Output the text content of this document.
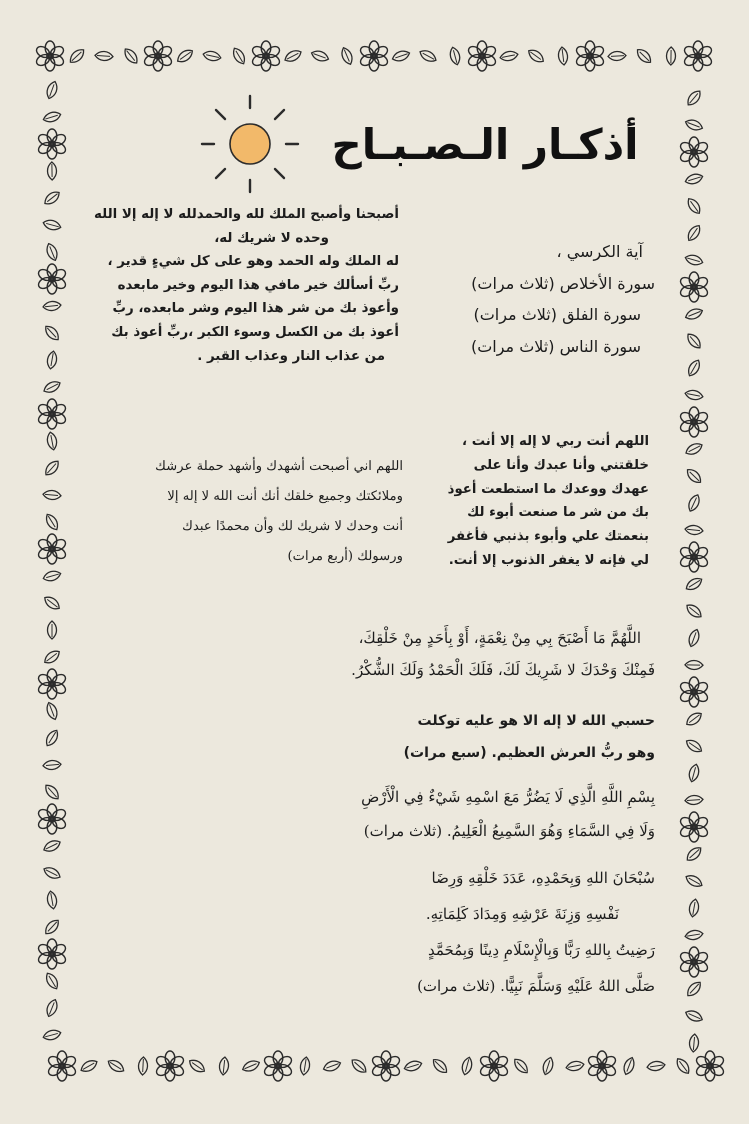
أذكـار الـصـبـاح
أصبحنا وأصبح الملك لله والحمدلله لا إله إلا الله
وحده لا شريك له،
له الملك وله الحمد وهو على كل شيءٍ قدير ،
ربِّ أسألك خير مافي هذا اليوم وخير مابعده
وأعوذ بك من شر هذا اليوم وشر مابعده، ربِّ
أعوذ بك من الكسل وسوء الكبر ،ربِّ أعوذ بك
من عذاب النار وعذاب القبر .
آية الكرسي ،
سورة الأخلاص (ثلاث مرات)
سورة الفلق (ثلاث مرات)
سورة الناس (ثلاث مرات)
اللهم اني أصبحت أشهدك وأشهد حملة عرشك
وملائكتك وجميع خلقك أنك أنت الله لا إله إلا
أنت وحدك لا شريك لك وأن محمدًا عبدك
ورسولك (أربع مرات)
اللهم أنت ربي لا إله إلا أنت ،
خلقتني وأنا عبدك وأنا على
عهدك ووعدك ما استطعت أعوذ
بك من شر ما صنعت أبوء لك
بنعمتك علي وأبوء بذنبي فأغفر
لي فإنه لا يغفر الذنوب إلا أنت.
اللَّهُمَّ مَا أَصْبَحَ بِي مِنْ نِعْمَةٍ، أَوْ بِأَحَدٍ مِنْ خَلْقِكَ،
فَمِنْكَ وَحْدَكَ لا شَرِيكَ لَكَ، فَلَكَ الْحَمْدُ وَلَكَ الشُّكْرُ.
حسبي الله لا إله الا هو عليه توكلت
وهو ربُّ العرش العظيم. (سبع مرات)
بِسْمِ اللَّهِ الَّذِي لَا يَضُرُّ مَعَ اسْمِهِ شَيْءٌ فِي الْأَرْضِ
وَلَا فِي السَّمَاءِ وَهُوَ السَّمِيعُ الْعَلِيمُ. (ثلاث مرات)
سُبْحَانَ اللهِ وَبِحَمْدِهِ، عَدَدَ خَلْقِهِ وَرِضَا
نَفْسِهِ وَزِنَةَ عَرْشِهِ وَمِدَادَ كَلِمَاتِهِ.
رَضِيتُ بِاللهِ رَبًّا وَبِالْإِسْلَامِ دِينًا وَبِمُحَمَّدٍ
صَلَّى اللهُ عَلَيْهِ وَسَلَّمَ نَبِيًّا. (ثلاث مرات)
